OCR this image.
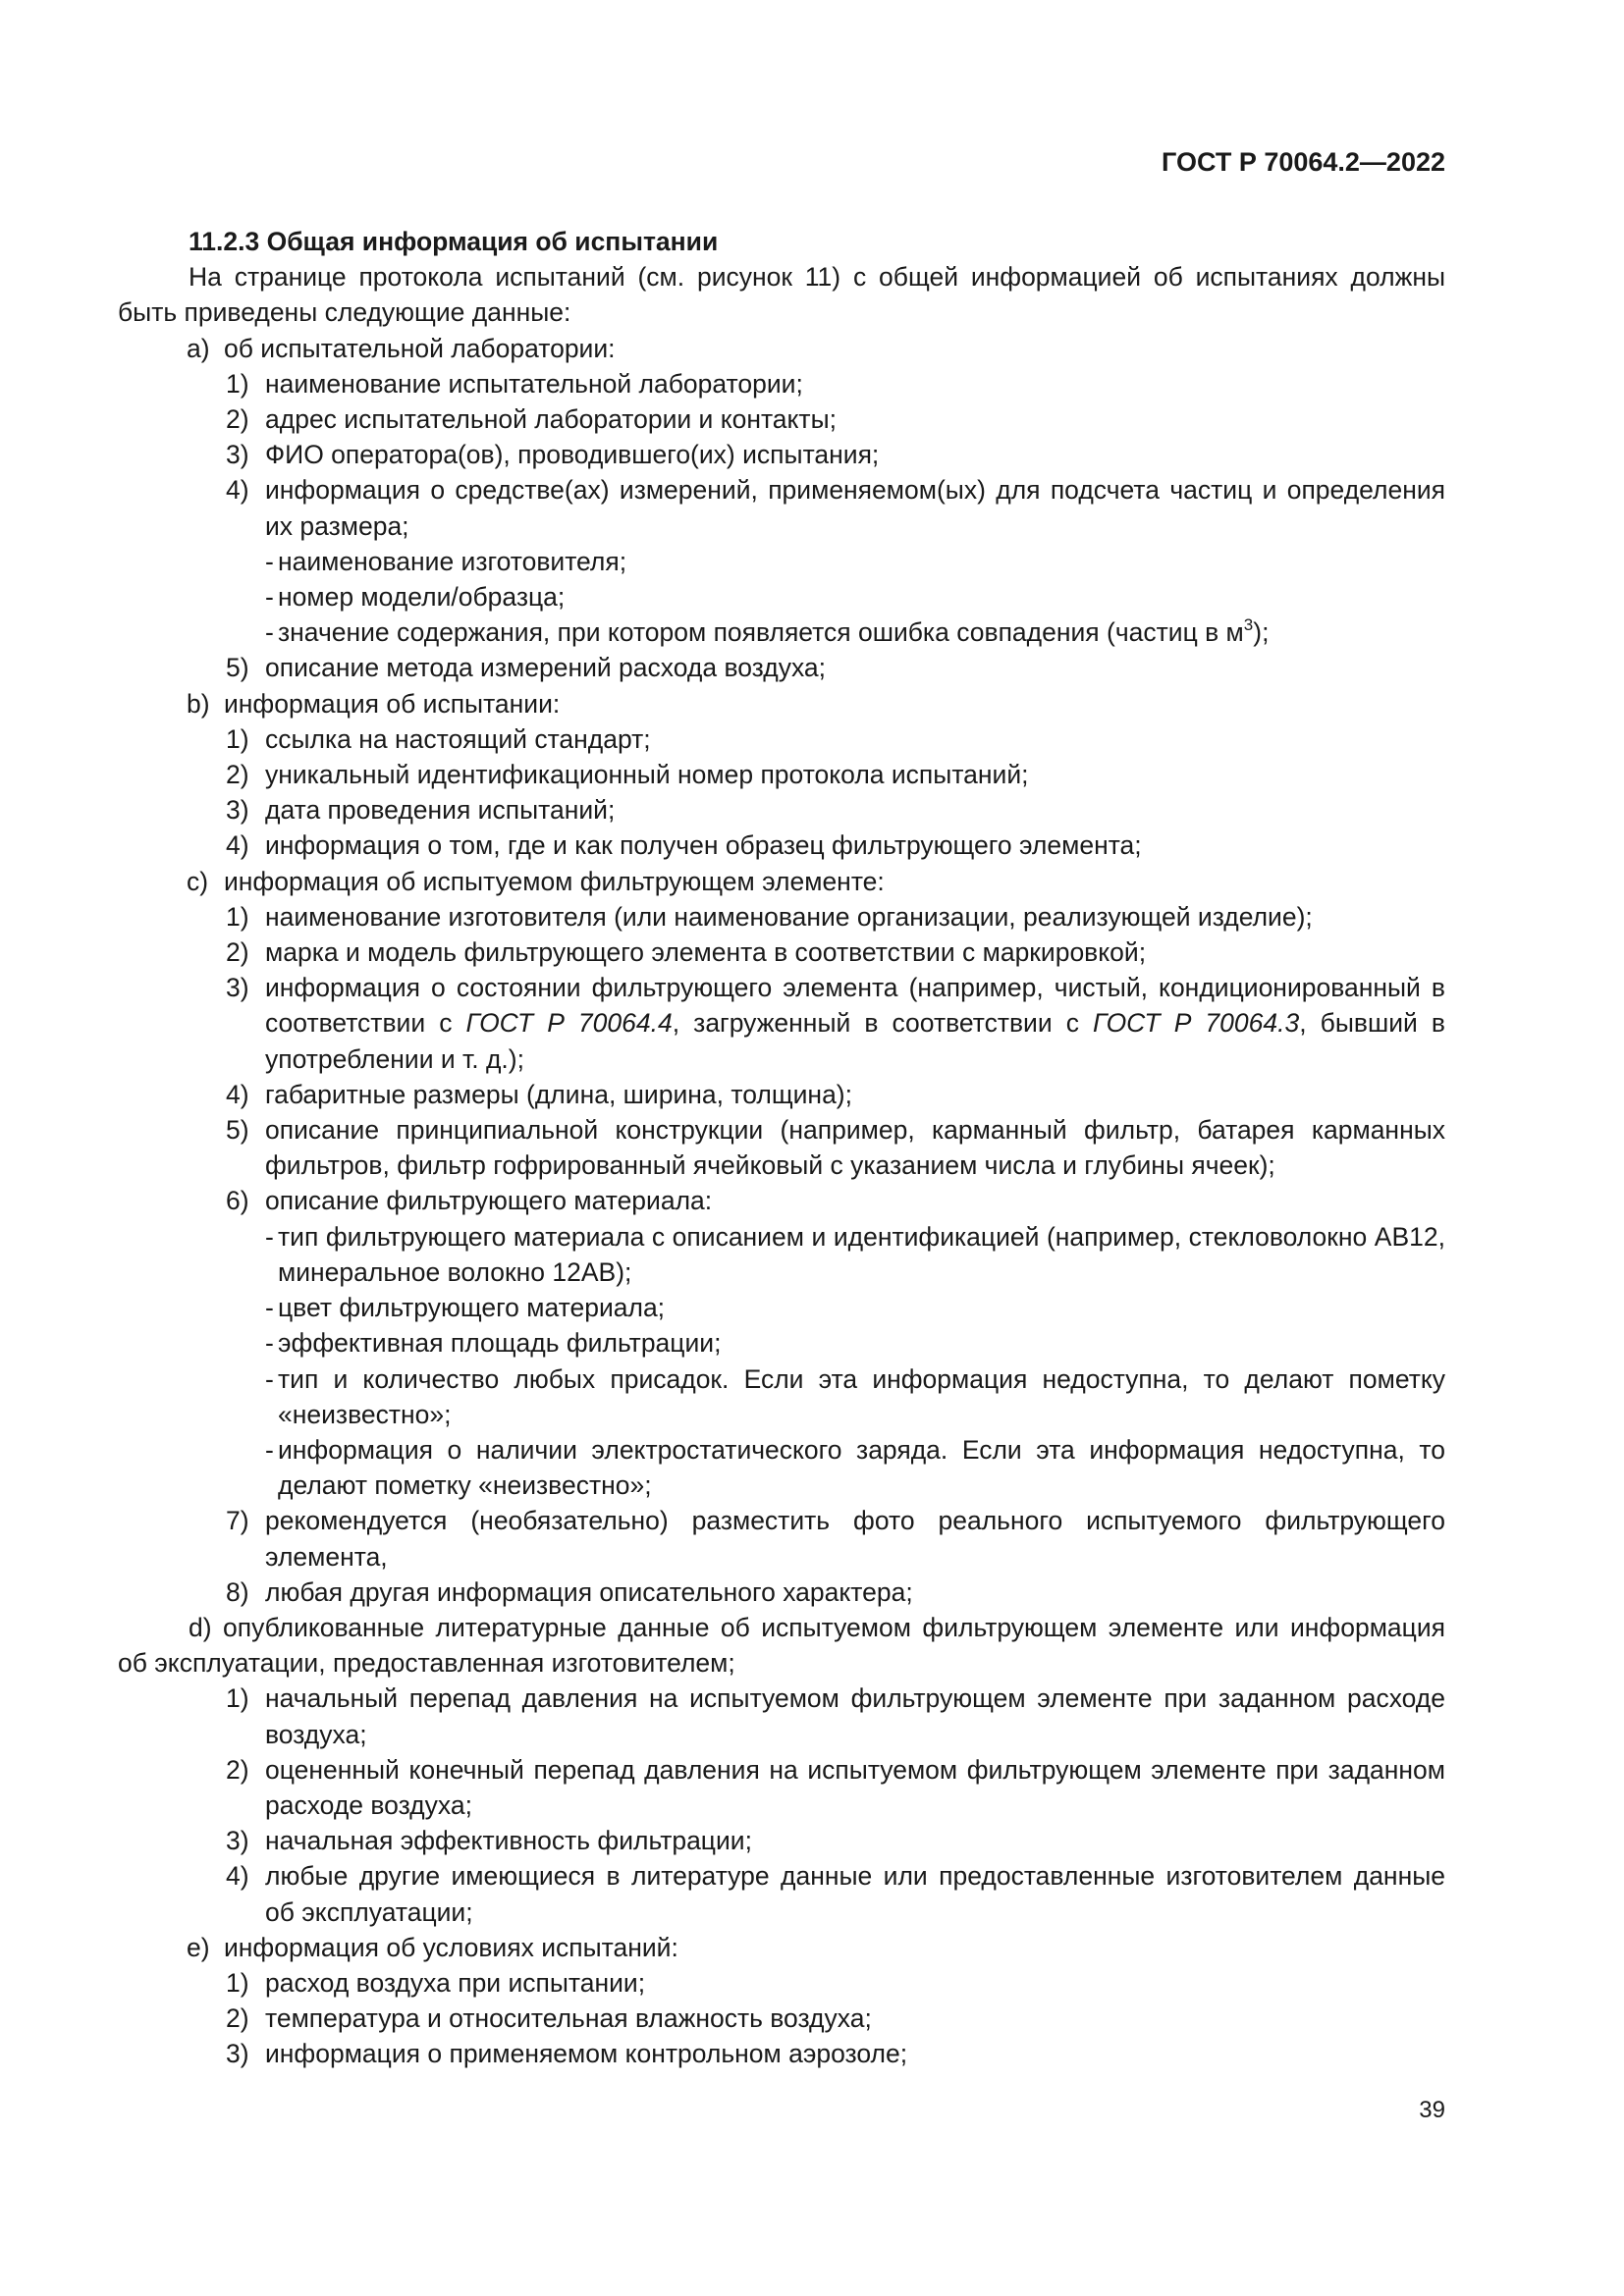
ГОСТ Р 70064.2—2022

11.2.3 Общая информация об испытании

На странице протокола испытаний (см. рисунок 11) с общей информацией об испытаниях должны быть приведены следующие данные:

а) об испытательной лаборатории:

1) наименование испытательной лаборатории;

2) адрес испытательной лаборатории и контакты;

3) ФИО оператора(ов), проводившего(их) испытания;

4) информация о средстве(ах) измерений, применяемом(ых) для подсчета частиц и определения их размера;

- наименование изготовителя;

- номер модели/образца;

- значение содержания, при котором появляется ошибка совпадения (частиц в $м^3$);

5) описание метода измерений расхода воздуха;

b) информация об испытании:

1) ссылка на настоящий стандарт;

2) уникальный идентификационный номер протокола испытаний;

3) дата проведения испытаний;

4) информация о том, где и как получен образец фильтрующего элемента;

c) информация об испытуемом фильтрующем элементе:

1) наименование изготовителя (или наименование организации, реализующей изделие);

2) марка и модель фильтрующего элемента в соответствии с маркировкой;

3) информация о состоянии фильтрующего элемента (например, чистый, кондиционированный в соответствии с ГОСТ Р 70064.4, загруженный в соответствии с ГОСТ Р 70064.3, бывший в употреблении и т. д.);

4) габаритные размеры (длина, ширина, толщина);

5) описание принципиальной конструкции (например, карманный фильтр, батарея карманных фильтров, фильтр гофрированный ячейковый с указанием числа и глубины ячеек);

6) описание фильтрующего материала:

- тип фильтрующего материала с описанием и идентификацией (например, стекловолокно AB12, минеральное волокно 12AB);

- цвет фильтрующего материала;

- эффективная площадь фильтрации;

- тип и количество любых присадок. Если эта информация недоступна, то делают пометку «неизвестно»;

- информация о наличии электростатического заряда. Если эта информация недоступна, то делают пометку «неизвестно»;

7) рекомендуется (необязательно) разместить фото реального испытуемого фильтрующего элемента,

8) любая другая информация описательного характера;

d) опубликованные литературные данные об испытуемом фильтрующем элементе или информация об эксплуатации, предоставленная изготовителем;

1) начальный перепад давления на испытуемом фильтрующем элементе при заданном расходе воздуха;

2) оцененный конечный перепад давления на испытуемом фильтрующем элементе при заданном расходе воздуха;

3) начальная эффективность фильтрации;

4) любые другие имеющиеся в литературе данные или предоставленные изготовителем данные об эксплуатации;

е) информация об условиях испытаний:

1) расход воздуха при испытании;

2) температура и относительная влажность воздуха;

3) информация о применяемом контрольном аэрозоле;

39
